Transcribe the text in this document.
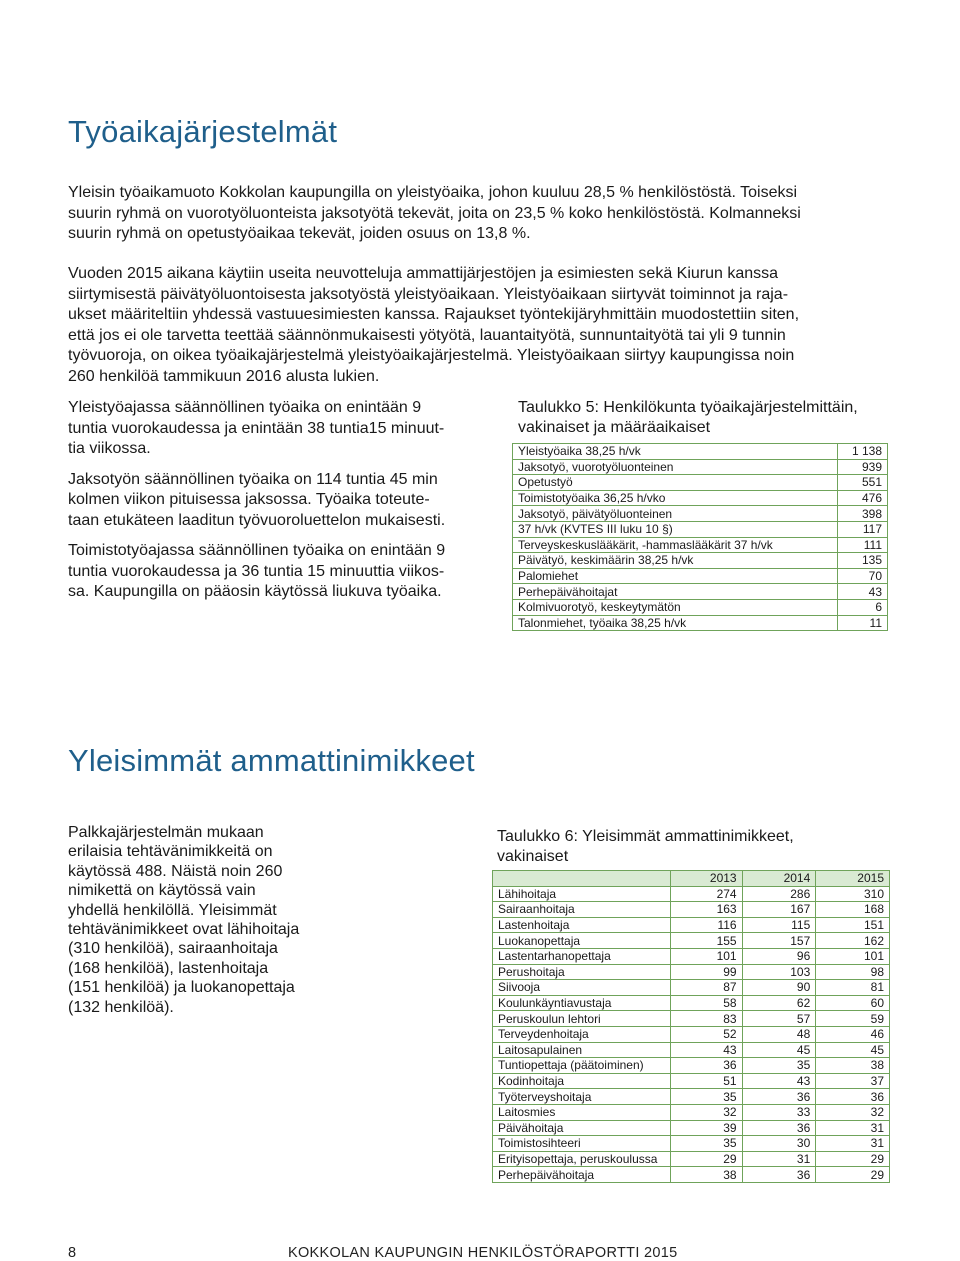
Työaikajärjestelmät

Yleisin työaikamuoto Kokkolan kaupungilla on yleistyöaika, johon kuuluu 28,5 % henkilöstöstä. Toiseksi

suurin ryhmä on vuorotyöluonteista jaksotyötä tekevät, joita on 23,5 % koko henkilöstöstä. Kolmanneksi

suurin ryhmä on opetustyöaikaa tekevät, joiden osuus on 13,8 %.

Vuoden 2015 aikana käytiin useita neuvotteluja ammattijärjestöjen ja esimiesten sekä Kiurun kanssa

siirtymisestä päivätyöluontoisesta jaksotyöstä yleistyöaikaan. Yleistyöaikaan siirtyvät toiminnot ja raja-

ukset määriteltiin yhdessä vastuuesimiesten kanssa. Rajaukset työntekijäryhmittäin muodostettiin siten,

että jos ei ole tarvetta teettää säännönmukaisesti yötyötä, lauantaityötä, sunnuntaityötä tai yli 9 tunnin

työvuoroja, on oikea työaikajärjestelmä yleistyöaikajärjestelmä. Yleistyöaikaan siirtyy kaupungissa noin

260 henkilöä tammikuun 2016 alusta lukien.

Yleistyöajassa säännöllinen työaika on enintään 9

tuntia vuorokaudessa ja enintään 38 tuntia15 minuut-

tia viikossa.

Jaksotyön säännöllinen työaika on 114 tuntia 45 min

kolmen viikon pituisessa jaksossa. Työaika toteute-

taan etukäteen laaditun työvuoroluettelon mukaisesti.

Toimistotyöajassa säännöllinen työaika on enintään 9

tuntia vuorokaudessa ja 36 tuntia 15 minuuttia viikos-

sa. Kaupungilla on pääosin käytössä liukuva työaika.

Taulukko 5: Henkilökunta työaikajärjestelmittäin,
vakinaiset ja määräaikaiset
Yleistyöaika 38,25 h/vk	1 138
Jaksotyö, vuorotyöluonteinen	939
Opetustyö	551
Toimistotyöaika 36,25 h/vko	476
Jaksotyö, päivätyöluonteinen	398
37 h/vk (KVTES III luku 10 §)	117
Terveyskeskuslääkärit, -hammaslääkärit 37 h/vk	111
Päivätyö, keskimäärin 38,25 h/vk	135
Palomiehet	70
Perhepäivähoitajat	43
Kolmivuorotyö, keskeytymätön	6
Talonmiehet, työaika 38,25 h/vk	11
Yleisimmät ammattinimikkeet
Palkkajärjestelmän mukaan
erilaisia tehtävänimikkeitä on
käytössä 488. Näistä noin 260
nimikettä on käytössä vain
yhdellä henkilöllä. Yleisimmät
tehtävänimikkeet ovat lähihoitaja
(310 henkilöä), sairaanhoitaja
(168 henkilöä), lastenhoitaja
(151 henkilöä) ja luokanopettaja
(132 henkilöä).
Taulukko 6: Yleisimmät ammattinimikkeet,
vakinaiset
	2013	2014	2015
Lähihoitaja	274	286	310
Sairaanhoitaja	163	167	168
Lastenhoitaja	116	115	151
Luokanopettaja	155	157	162
Lastentarhanopettaja	101	96	101
Perushoitaja	99	103	98
Siivooja	87	90	81
Koulunkäyntiavustaja	58	62	60
Peruskoulun lehtori	83	57	59
Terveydenhoitaja	52	48	46
Laitosapulainen	43	45	45
Tuntiopettaja (päätoiminen)	36	35	38
Kodinhoitaja	51	43	37
Työterveyshoitaja	35	36	36
Laitosmies	32	33	32
Päivähoitaja	39	36	31
Toimistosihteeri	35	30	31
Erityisopettaja, peruskoulussa	29	31	29
Perhepäivähoitaja	38	36	29
8	KOKKOLAN KAUPUNGIN HENKILÖSTÖRAPORTTI 2015
